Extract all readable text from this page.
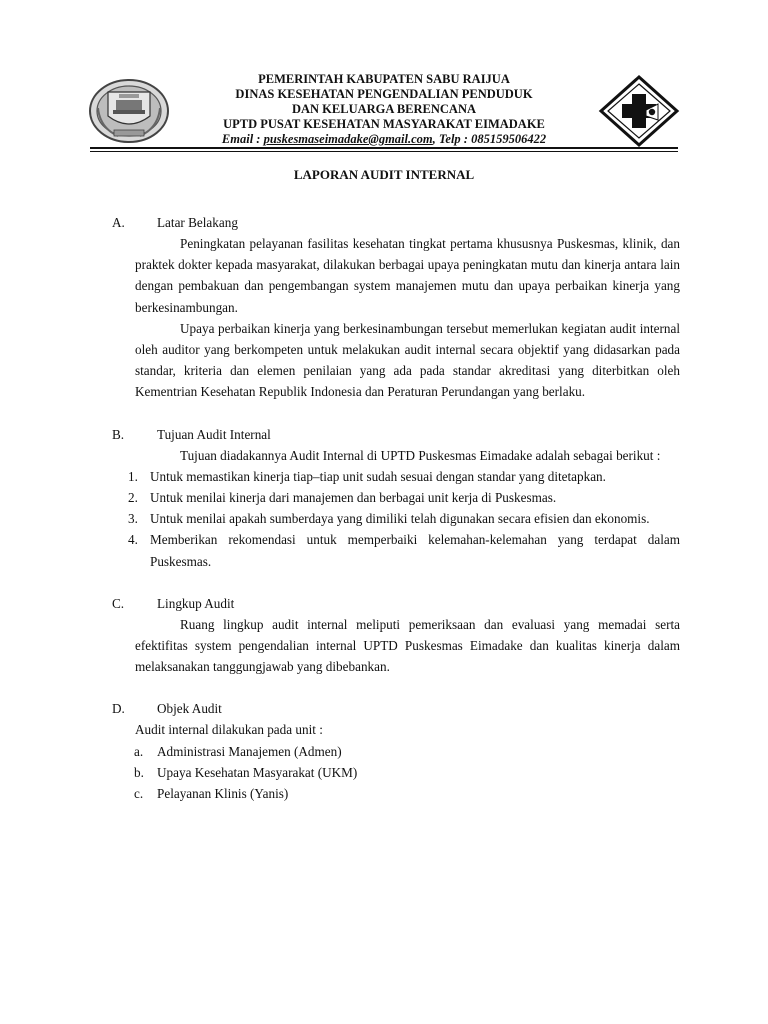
PEMERINTAH KABUPATEN SABU RAIJUA
DINAS KESEHATAN PENGENDALIAN PENDUDUK
DAN KELUARGA BERENCANA
UPTD PUSAT KESEHATAN MASYARAKAT EIMADAKE
Email : puskesmaseimadake@gmail.com, Telp : 085159506422
LAPORAN AUDIT INTERNAL
A. Latar Belakang
Peningkatan pelayanan fasilitas kesehatan tingkat pertama khususnya Puskesmas, klinik, dan praktek dokter kepada masyarakat, dilakukan berbagai upaya peningkatan mutu dan kinerja antara lain dengan pembakuan dan pengembangan system manajemen mutu dan upaya perbaikan kinerja yang berkesinambungan.
Upaya perbaikan kinerja yang berkesinambungan tersebut memerlukan kegiatan audit internal oleh auditor yang berkompeten untuk melakukan audit internal secara objektif yang didasarkan pada standar, kriteria dan elemen penilaian yang ada pada standar akreditasi yang diterbitkan oleh Kementrian Kesehatan Republik Indonesia dan Peraturan Perundangan yang berlaku.
B. Tujuan Audit Internal
Tujuan diadakannya Audit Internal di UPTD Puskesmas Eimadake adalah sebagai berikut :
1. Untuk memastikan kinerja tiap–tiap unit sudah sesuai dengan standar yang ditetapkan.
2. Untuk menilai kinerja dari manajemen dan berbagai unit kerja di Puskesmas.
3. Untuk menilai apakah sumberdaya yang dimiliki telah digunakan secara efisien dan ekonomis.
4. Memberikan rekomendasi untuk memperbaiki kelemahan-kelemahan yang terdapat dalam Puskesmas.
C. Lingkup Audit
Ruang lingkup audit internal meliputi pemeriksaan dan evaluasi yang memadai serta efektifitas system pengendalian internal UPTD Puskesmas Eimadake dan kualitas kinerja dalam melaksanakan tanggungjawab yang dibebankan.
D. Objek Audit
Audit internal dilakukan pada unit :
a. Administrasi Manajemen (Admen)
b. Upaya Kesehatan Masyarakat (UKM)
c. Pelayanan Klinis (Yanis)
